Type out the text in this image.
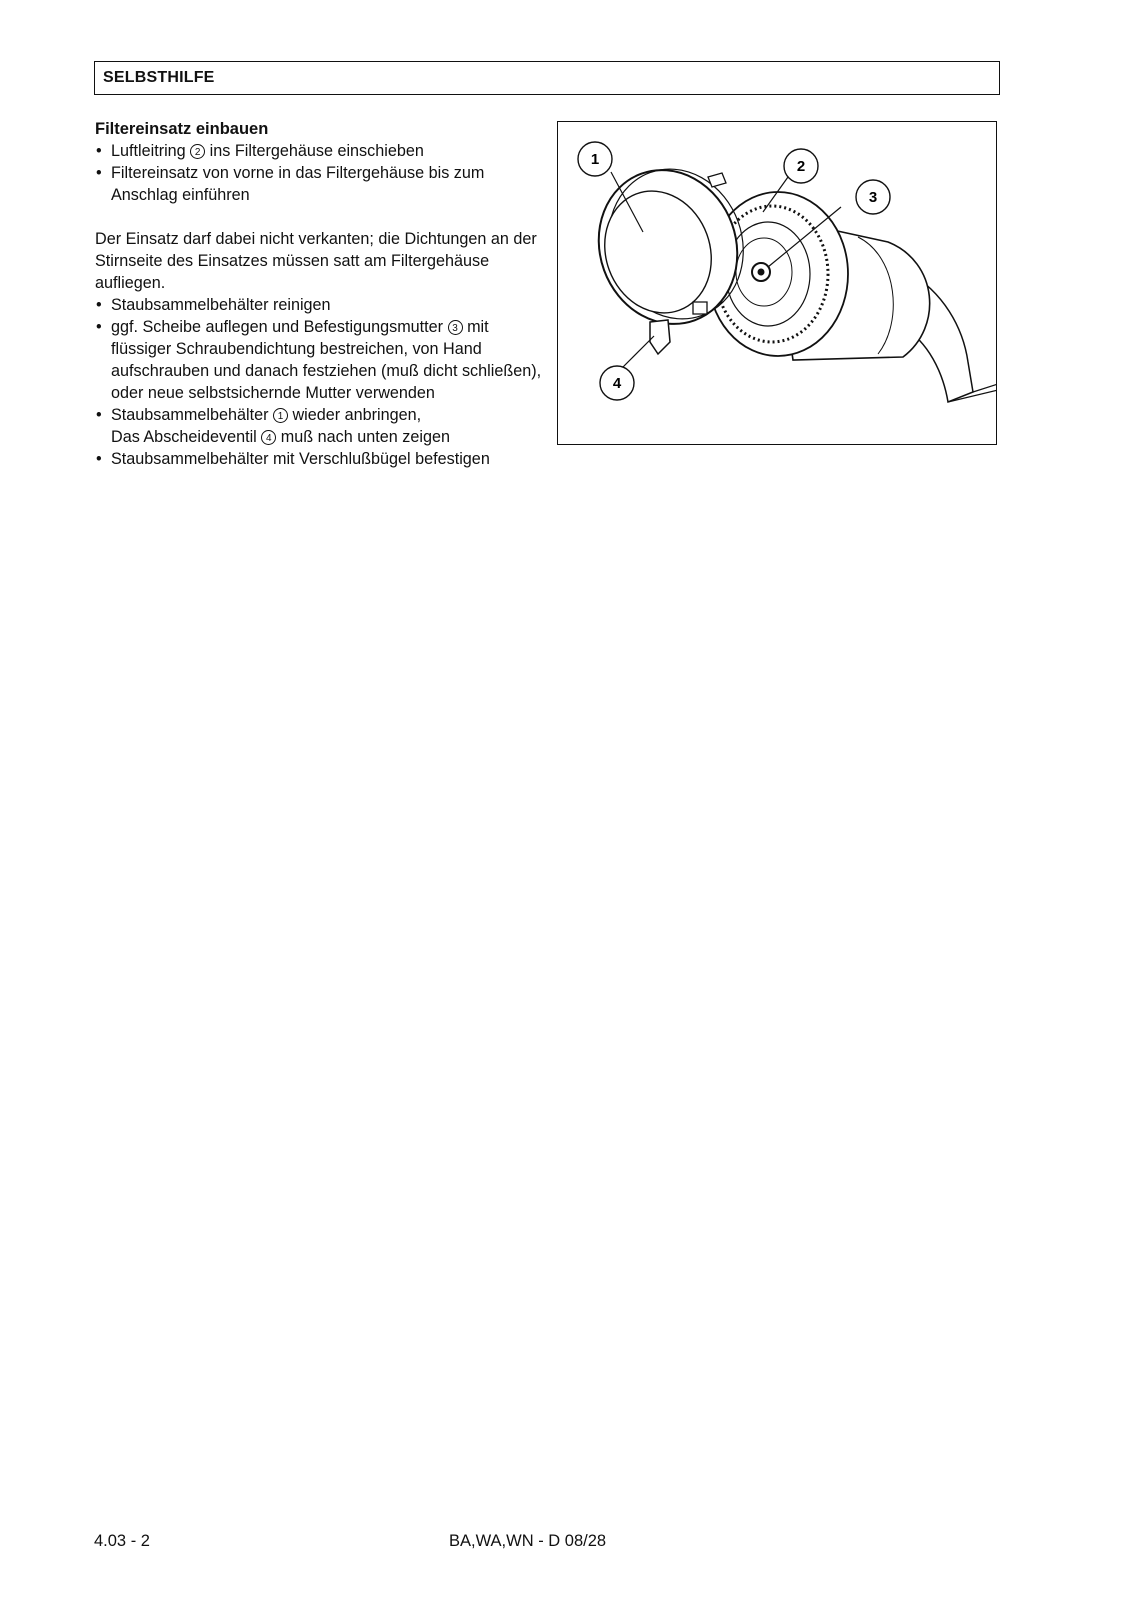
SELBSTHILFE
Filtereinsatz einbauen
• Luftleitring 2 ins Filtergehäuse einschieben
• Filtereinsatz von vorne in das Filtergehäuse bis zum Anschlag einführen

Der Einsatz darf dabei nicht verkanten; die Dichtungen an der Stirnseite des Einsatzes müssen satt am Filtergehäuse aufliegen.

• Staubsammelbehälter reinigen
• ggf. Scheibe auflegen und Befestigungsmutter 3 mit flüssiger Schraubendichtung bestreichen, von Hand aufschrauben und danach festziehen (muß dicht schließen), oder neue selbstsichernde Mutter verwenden
• Staubsammelbehälter 1 wieder anbringen,
Das Abscheideventil 4 muß nach unten zeigen
• Staubsammelbehälter mit Verschlußbügel befestigen
1	2
3
4
4.03 - 2	BA,WA,WN - D 08/28
